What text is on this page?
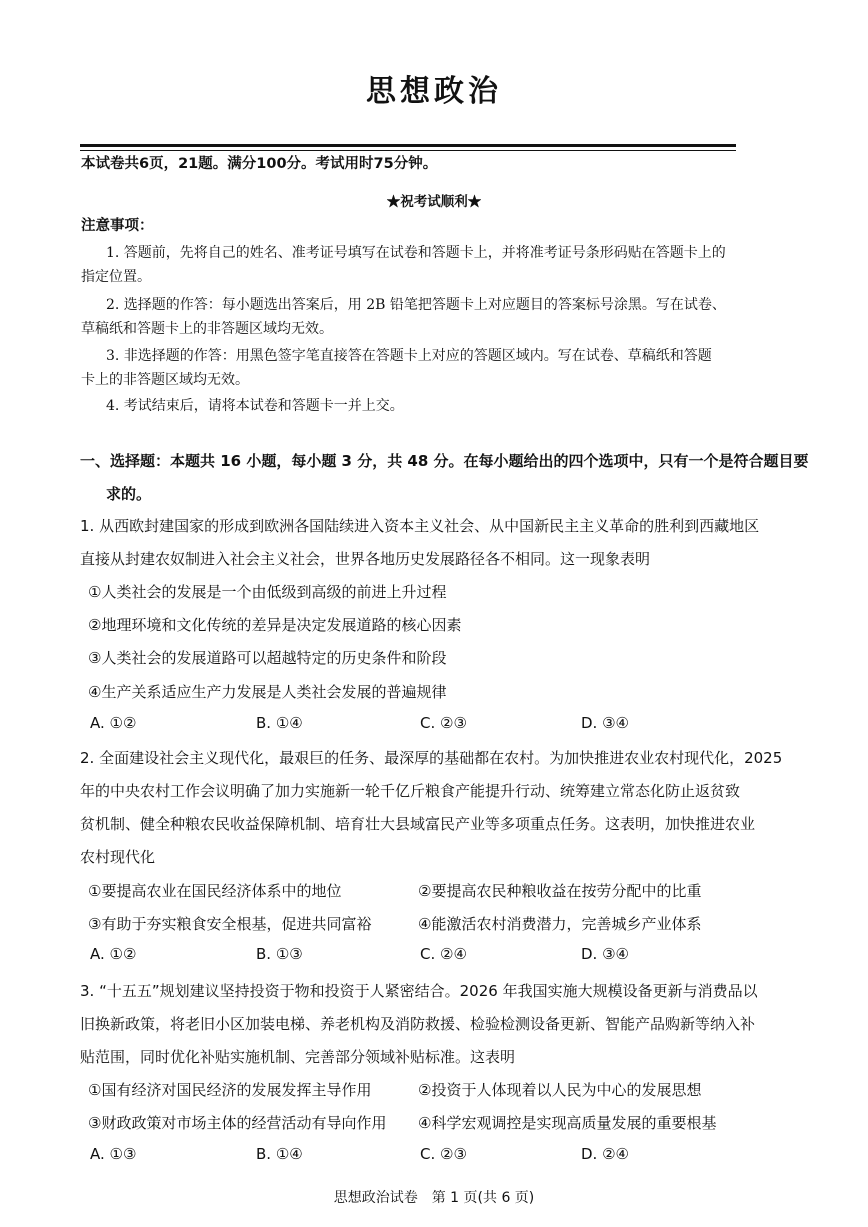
思想政治
本试卷共6页，21题。满分100分。考试用时75分钟。
★祝考试顺利★
注意事项：
1. 答题前，先将自己的姓名、准考证号填写在试卷和答题卡上，并将准考证号条形码贴在答题卡上的
指定位置。
2. 选择题的作答：每小题选出答案后，用 2B 铅笔把答题卡上对应题目的答案标号涂黑。写在试卷、
草稿纸和答题卡上的非答题区域均无效。
3. 非选择题的作答：用黑色签字笔直接答在答题卡上对应的答题区域内。写在试卷、草稿纸和答题
卡上的非答题区域均无效。
4. 考试结束后，请将本试卷和答题卡一并上交。
一、选择题：本题共 16 小题，每小题 3 分，共 48 分。在每小题给出的四个选项中，只有一个是符合题目要
求的。
1. 从西欧封建国家的形成到欧洲各国陆续进入资本主义社会、从中国新民主主义革命的胜利到西藏地区
直接从封建农奴制进入社会主义社会，世界各地历史发展路径各不相同。这一现象表明
①人类社会的发展是一个由低级到高级的前进上升过程
②地理环境和文化传统的差异是决定发展道路的核心因素
③人类社会的发展道路可以超越特定的历史条件和阶段
④生产关系适应生产力发展是人类社会发展的普遍规律
A. ①②	B. ①④	C. ②③	D. ③④
2. 全面建设社会主义现代化，最艰巨的任务、最深厚的基础都在农村。为加快推进农业农村现代化，2025
年的中央农村工作会议明确了加力实施新一轮千亿斤粮食产能提升行动、统筹建立常态化防止返贫致
贫机制、健全种粮农民收益保障机制、培育壮大县域富民产业等多项重点任务。这表明，加快推进农业
农村现代化
①要提高农业在国民经济体系中的地位	②要提高农民种粮收益在按劳分配中的比重
③有助于夯实粮食安全根基，促进共同富裕	④能激活农村消费潜力，完善城乡产业体系
A. ①②	B. ①③	C. ②④	D. ③④
3. “十五五”规划建议坚持投资于物和投资于人紧密结合。2026 年我国实施大规模设备更新与消费品以
旧换新政策，将老旧小区加装电梯、养老机构及消防救援、检验检测设备更新、智能产品购新等纳入补
贴范围，同时优化补贴实施机制、完善部分领域补贴标准。这表明
①国有经济对国民经济的发展发挥主导作用	②投资于人体现着以人民为中心的发展思想
③财政政策对市场主体的经营活动有导向作用 ④科学宏观调控是实现高质量发展的重要根基
A. ①③	B. ①④	C. ②③	D. ②④
思想政治试卷　第 1 页(共 6 页)
